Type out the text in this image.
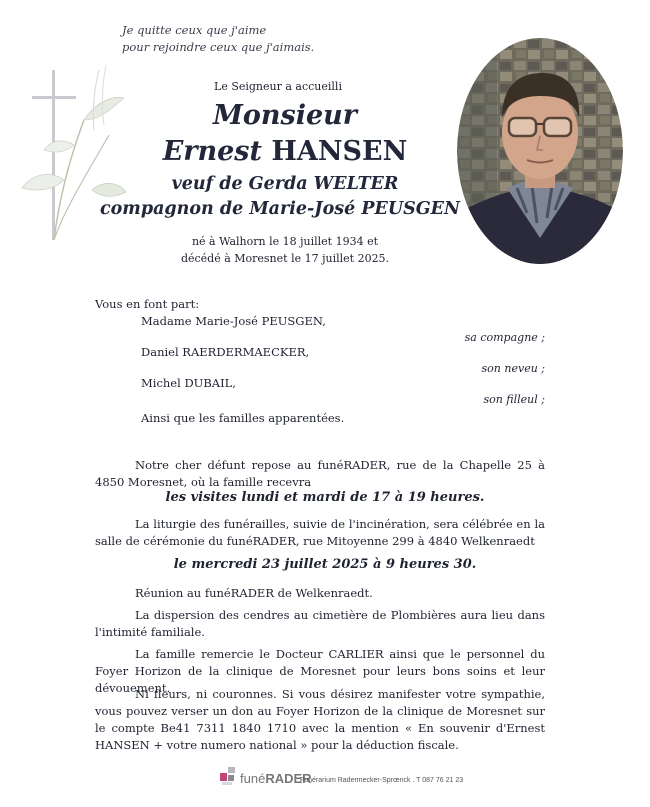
Je quitte ceux que j'aime
pour rejoindre ceux que j'aimais.
Le Seigneur a accueilli
Monsieur
Ernest HANSEN
veuf de Gerda WELTER
compagnon de Marie-José PEUSGEN
né à Walhorn le 18 juillet 1934 et
décédé à Moresnet le 17 juillet 2025.
Vous en font part:
Madame Marie-José PEUSGEN,
sa compagne ;
Daniel RAERDERMAECKER,
son neveu ;
Michel DUBAIL,
son filleul ;
Ainsi que les familles apparentées.
Notre cher défunt repose au funéRADER, rue de la Chapelle 25 à 4850 Moresnet, où la famille recevra
les visites lundi et mardi de 17 à 19 heures.
La liturgie des funérailles, suivie de l'incinération, sera célébrée en la salle de cérémonie du funéRADER, rue Mitoyenne 299 à 4840 Welkenraedt
le mercredi 23 juillet 2025 à 9 heures 30.
Réunion au funéRADER de Welkenraedt.
La dispersion des cendres au cimetière de Plombières aura lieu dans l'intimité familiale.
La famille remercie le Docteur CARLIER ainsi que le personnel du Foyer Horizon de la clinique de Moresnet pour leurs bons soins et leur dévouement.
Ni fleurs, ni couronnes. Si vous désirez manifester votre sympathie, vous pouvez verser un don au Foyer Horizon de la clinique de Moresnet sur le compte Be41 7311 1840 1710 avec la mention « En souvenir d'Ernest HANSEN + votre numero national » pour la déduction fiscale.
funéRADER
Funérarium Radermecker-Sprœnck . T 087 76 21 23
